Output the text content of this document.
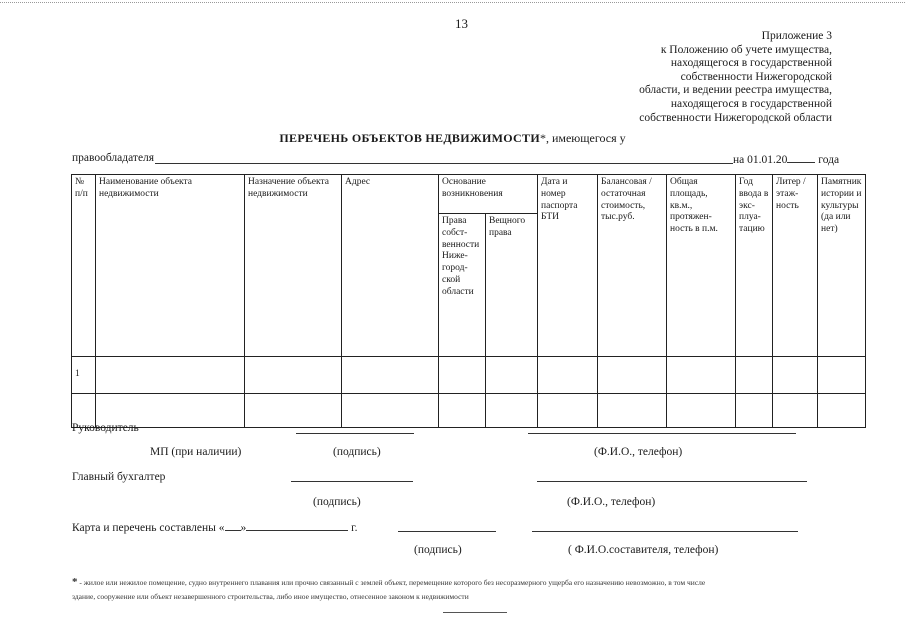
13
Приложение 3
к Положению об учете имущества,
находящегося в государственной
собственности Нижегородской
области, и ведении реестра имущества,
находящегося в государственной
собственности Нижегородской области
ПЕРЕЧЕНЬ ОБЪЕКТОВ НЕДВИЖИМОСТИ*, имеющегося у
правообладателя	на 01.01.20	года
№ п/п	Наименование объекта недвижимости	Назначение объекта недвижимости	Адрес	Основание возникновения		Дата и номер паспорта БТИ	Балансовая / остаточная стоимость, тыс.руб.	Общая площадь, кв.м., протяжен- ность в п.м.	Год ввода в экс- плуа- тацию	Литер / этаж- ность	Памятник истории и культуры (да или нет)
				Права собст- венности Ниже- город- ской области	Вещного права						
1											

Руководитель
МП (при наличии)	(подпись)	(Ф.И.О., телефон)
Главный бухгалтер
(подпись)	(Ф.И.О., телефон)
Карта и перечень составлены « »	г.
(подпись)	( Ф.И.О.составителя, телефон)
* - жилое или нежилое помещение, судно внутреннего плавания или прочно связанный с землей объект, перемещение которого без несоразмерного ущерба его назначению невозможно, в том числе
здание, сооружение или объект незавершенного строительства, либо иное имущество, отнесенное законом к недвижимости
